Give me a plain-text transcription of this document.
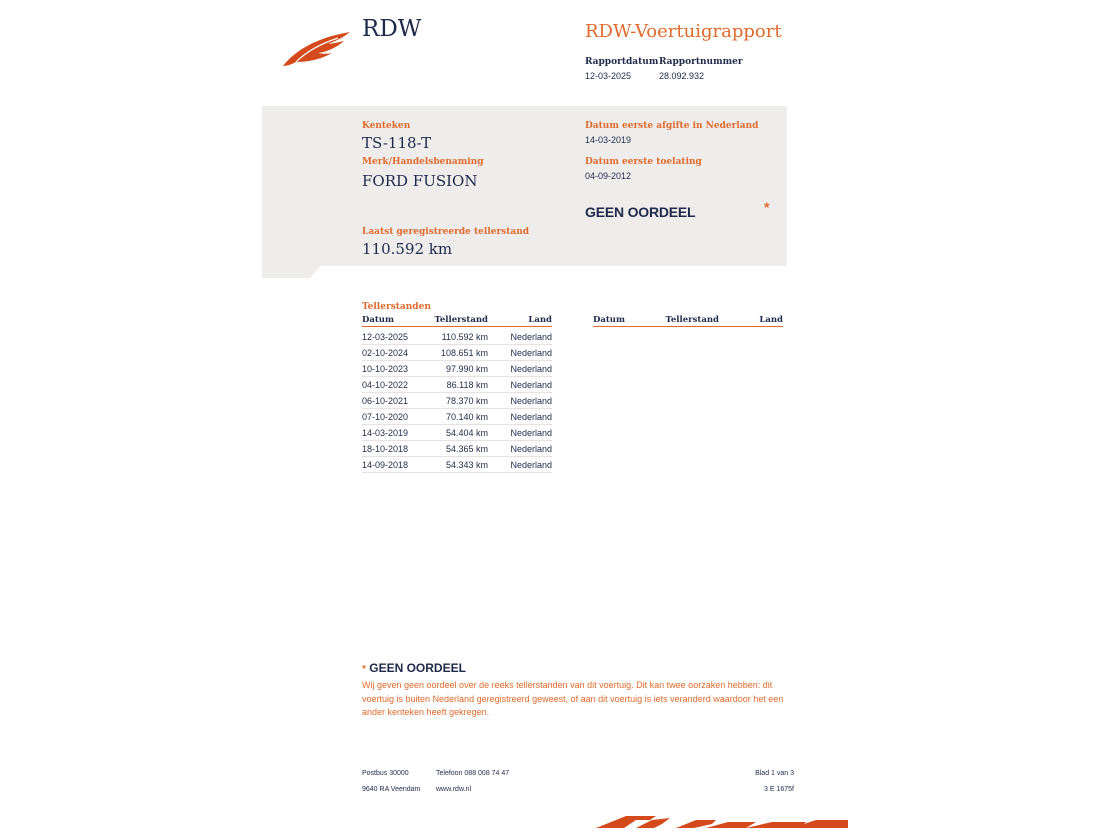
RDW	RDW-Voertuigrapport
Rapportdatum
12-03-2025
Rapportnummer
28.092.932
Kenteken
TS-118-T
Merk/Handelsbenaming
FORD FUSION
Datum eerste afgifte in Nederland
14-03-2019
Datum eerste toelating
04-09-2012
GEEN OORDEEL	*
Laatst geregistreerde tellerstand
110.592 km
Tellerstanden
Datum	Tellerstand	Land
12-03-2025	110.592 km	Nederland
02-10-2024	108.651 km	Nederland
10-10-2023	97.990 km	Nederland
04-10-2022	86.118 km	Nederland
06-10-2021	78.370 km	Nederland
07-10-2020	70.140 km	Nederland
14-03-2019	54.404 km	Nederland
18-10-2018	54.365 km	Nederland
14-09-2018	54.343 km	Nederland
Datum	Tellerstand	Land
* GEEN OORDEEL
Wij geven geen oordeel over de reeks tellerstanden van dit voertuig. Dit kan twee oorzaken hebben: dit voertuig is buiten Nederland geregistreerd geweest, of aan dit voertuig is iets veranderd waardoor het een ander kenteken heeft gekregen.
Postbus 30000
9640 RA Veendam
Telefoon 088 008 74 47
www.rdw.nl
Blad 1 van 3
3 E 1675f
